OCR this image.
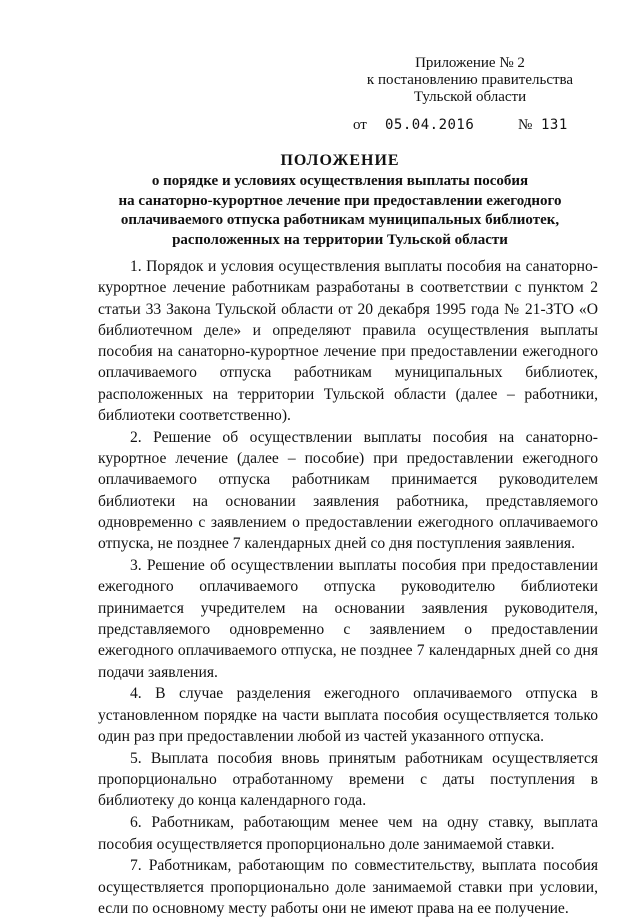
Приложение № 2
к постановлению правительства
Тульской области
от 05.04.2016	№ 131
ПОЛОЖЕНИЕ
о порядке и условиях осуществления выплаты пособия
на санаторно-курортное лечение при предоставлении ежегодного
оплачиваемого отпуска работникам муниципальных библиотек,
расположенных на территории Тульской области

1. Порядок и условия осуществления выплаты пособия на санаторно-курортное лечение работникам разработаны в соответствии с пунктом 2 статьи 33 Закона Тульской области от 20 декабря 1995 года № 21-ЗТО «О библиотечном деле» и определяют правила осуществления выплаты пособия на санаторно-курортное лечение при предоставлении ежегодного оплачиваемого отпуска работникам муниципальных библиотек, расположенных на территории Тульской области (далее – работники, библиотеки соответственно).

2. Решение об осуществлении выплаты пособия на санаторно-курортное лечение (далее – пособие) при предоставлении ежегодного оплачиваемого отпуска работникам принимается руководителем библиотеки на основании заявления работника, представляемого одновременно с заявлением о предоставлении ежегодного оплачиваемого отпуска, не позднее 7 календарных дней со дня поступления заявления.

3. Решение об осуществлении выплаты пособия при предоставлении ежегодного оплачиваемого отпуска руководителю библиотеки принимается учредителем на основании заявления руководителя, представляемого одновременно с заявлением о предоставлении ежегодного оплачиваемого отпуска, не позднее 7 календарных дней со дня подачи заявления.

4. В случае разделения ежегодного оплачиваемого отпуска в установленном порядке на части выплата пособия осуществляется только один раз при предоставлении любой из частей указанного отпуска.

5. Выплата пособия вновь принятым работникам осуществляется пропорционально отработанному времени с даты поступления в библиотеку до конца календарного года.

6. Работникам, работающим менее чем на одну ставку, выплата пособия осуществляется пропорционально доле занимаемой ставки.

7. Работникам, работающим по совместительству, выплата пособия осуществляется пропорционально доле занимаемой ставки при условии, если по основному месту работы они не имеют права на ее получение.
